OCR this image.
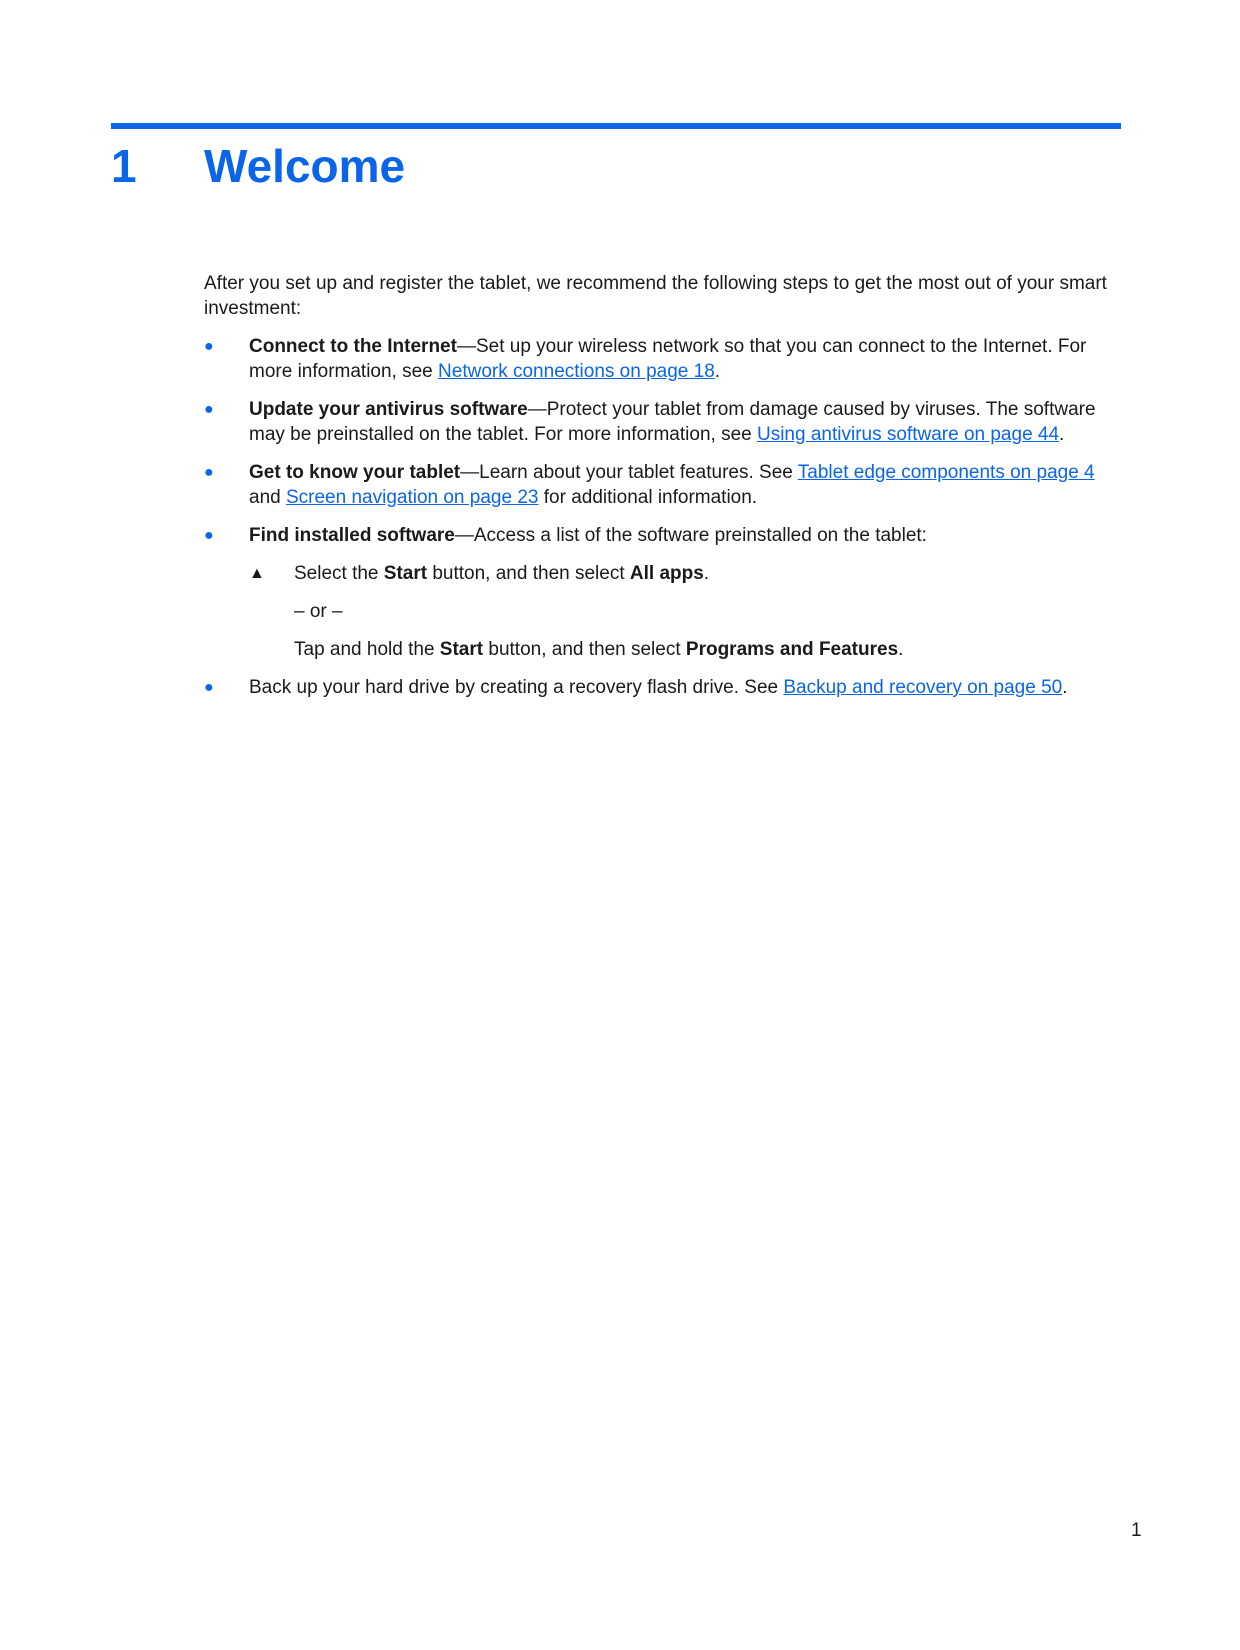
1 Welcome

After you set up and register the tablet, we recommend the following steps to get the most out of your smart investment:

● Connect to the Internet—Set up your wireless network so that you can connect to the Internet. For more information, see Network connections on page 18.
● Update your antivirus software—Protect your tablet from damage caused by viruses. The software may be preinstalled on the tablet. For more information, see Using antivirus software on page 44.
● Get to know your tablet—Learn about your tablet features. See Tablet edge components on page 4 and Screen navigation on page 23 for additional information.
● Find installed software—Access a list of the software preinstalled on the tablet:
▲ Select the Start button, and then select All apps.
– or –
Tap and hold the Start button, and then select Programs and Features.
● Back up your hard drive by creating a recovery flash drive. See Backup and recovery on page 50.
1
